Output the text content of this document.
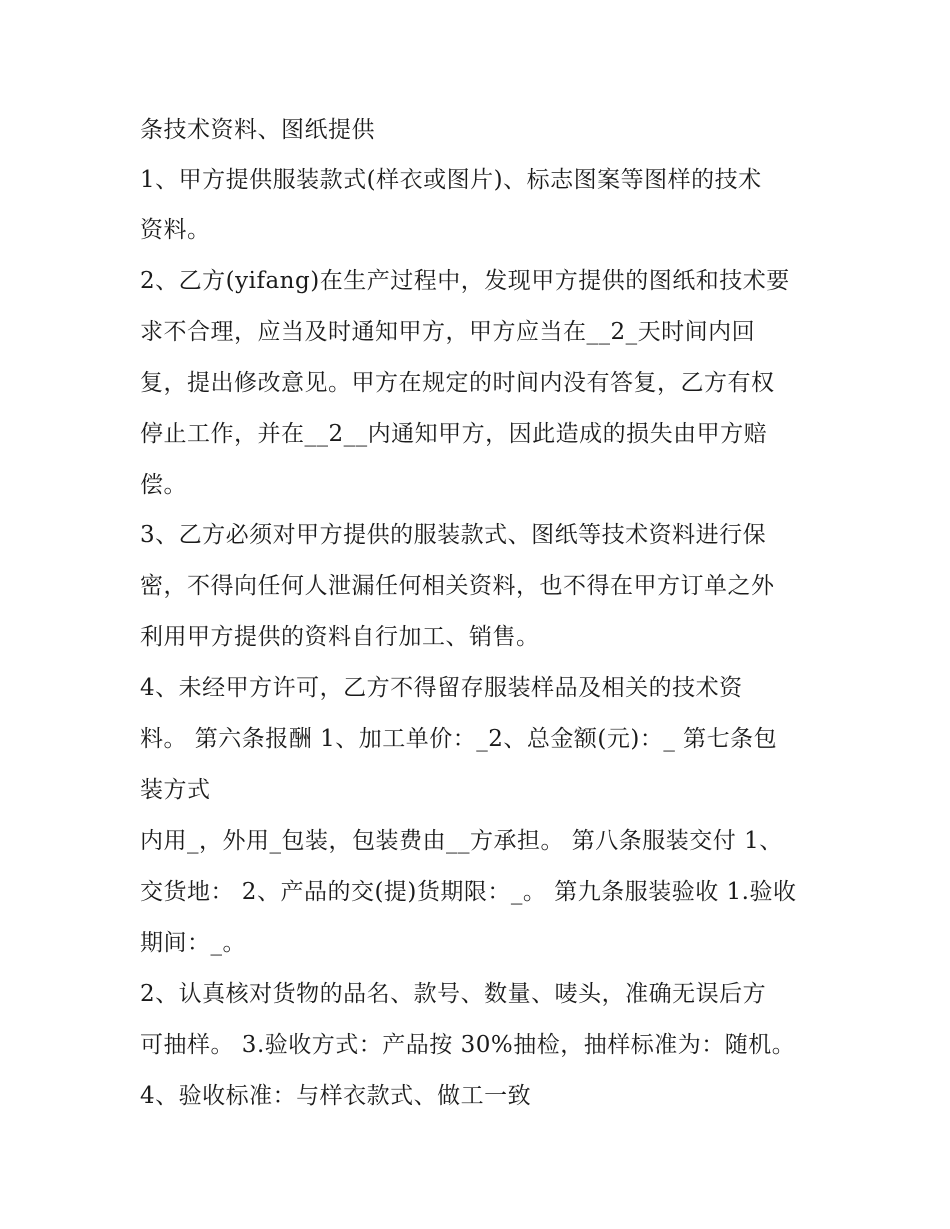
条技术资料、图纸提供
1、甲方提供服装款式(样衣或图片)、标志图案等图样的技术
资料。
2、乙方(yifang)在生产过程中，发现甲方提供的图纸和技术要
求不合理，应当及时通知甲方，甲方应当在__2_天时间内回
复，提出修改意见。甲方在规定的时间内没有答复，乙方有权
停止工作，并在__2__内通知甲方，因此造成的损失由甲方赔
偿。
3、乙方必须对甲方提供的服装款式、图纸等技术资料进行保
密，不得向任何人泄漏任何相关资料，也不得在甲方订单之外
利用甲方提供的资料自行加工、销售。
4、未经甲方许可，乙方不得留存服装样品及相关的技术资
料。 第六条报酬 1、加工单价：_2、总金额(元)：_ 第七条包
装方式
内用_，外用_包装，包装费由__方承担。 第八条服装交付 1、
交货地： 2、产品的交(提)货期限：_。 第九条服装验收 1.验收
期间：_。
2、认真核对货物的品名、款号、数量、唛头，准确无误后方
可抽样。 3.验收方式：产品按 30%抽检，抽样标准为：随机。
4、验收标准：与样衣款式、做工一致
